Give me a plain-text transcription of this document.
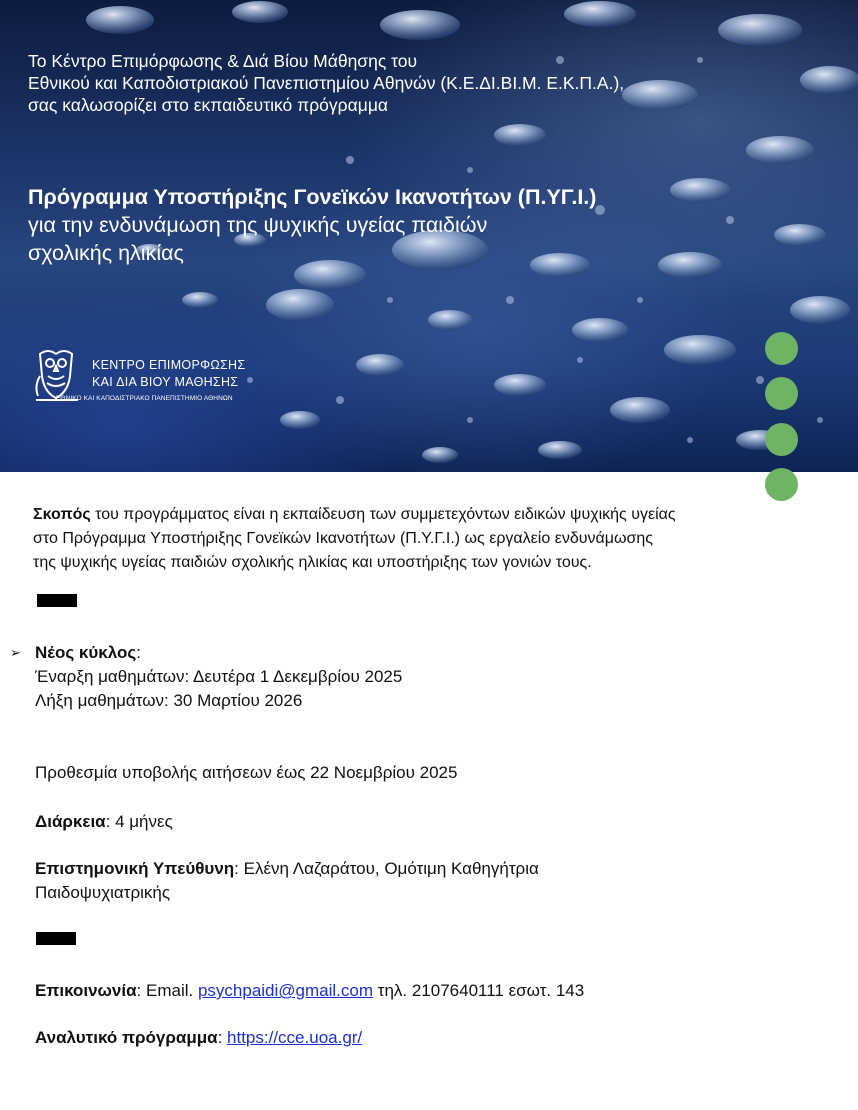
Το Κέντρο Επιμόρφωσης & Διά Βίου Μάθησης του
Εθνικού και Καποδιστριακού Πανεπιστημίου Αθηνών (Κ.Ε.ΔΙ.ΒΙ.Μ. Ε.Κ.Π.Α.),
σας καλωσορίζει στο εκπαιδευτικό πρόγραμμα
Πρόγραμμα Υποστήριξης Γονεϊκών Ικανοτήτων (Π.ΥΓ.Ι.)
για την ενδυνάμωση της ψυχικής υγείας παιδιών
σχολικής ηλικίας
ΚΕΝΤΡΟ ΕΠΙΜΟΡΦΩΣΗΣ
ΚΑΙ ΔΙΑ ΒΙΟΥ ΜΑΘΗΣΗΣ
ΕΘΝΙΚΟ ΚΑΙ ΚΑΠΟΔΙΣΤΡΙΑΚΟ ΠΑΝΕΠΙΣΤΗΜΙΟ ΑΘΗΝΩΝ
Σκοπός του προγράμματος είναι η εκπαίδευση των συμμετεχόντων ειδικών ψυχικής υγείας
στο Πρόγραμμα Υποστήριξης Γονεϊκών Ικανοτήτων (Π.Υ.Γ.Ι.) ως εργαλείο ενδυνάμωσης
της ψυχικής υγείας παιδιών σχολικής ηλικίας και υποστήριξης των γονιών τους.
➢ Νέος κύκλος:
Έναρξη μαθημάτων: Δευτέρα 1 Δεκεμβρίου 2025
Λήξη μαθημάτων: 30 Μαρτίου 2026
Προθεσμία υποβολής αιτήσεων έως 22 Νοεμβρίου 2025
Διάρκεια: 4 μήνες
Επιστημονική Υπεύθυνη: Ελένη Λαζαράτου, Ομότιμη Καθηγήτρια
Παιδοψυχιατρικής
Επικοινωνία: Email. psychpaidi@gmail.com τηλ. 2107640111 εσωτ. 143
Αναλυτικό πρόγραμμα: https://cce.uoa.gr/
